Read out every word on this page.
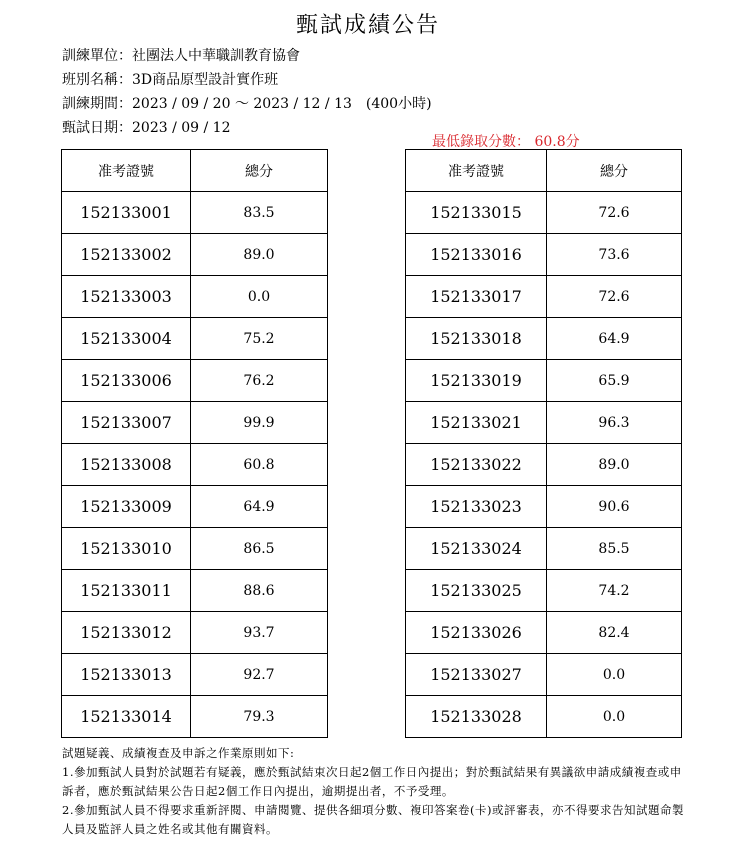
甄試成績公告
訓練單位：社團法人中華職訓教育協會
班別名稱：3D商品原型設計實作班
訓練期間：2023 / 09 / 20 ～ 2023 / 12 / 13　(400小時)
甄試日期：2023 / 09 / 12
最低錄取分數： 60.8分
准考證號	總分
152133001	83.5
152133002	89.0
152133003	0.0
152133004	75.2
152133006	76.2
152133007	99.9
152133008	60.8
152133009	64.9
152133010	86.5
152133011	88.6
152133012	93.7
152133013	92.7
152133014	79.3
准考證號	總分
152133015	72.6
152133016	73.6
152133017	72.6
152133018	64.9
152133019	65.9
152133021	96.3
152133022	89.0
152133023	90.6
152133024	85.5
152133025	74.2
152133026	82.4
152133027	0.0
152133028	0.0

試題疑義、成績複查及申訴之作業原則如下:

1.參加甄試人員對於試題若有疑義，應於甄試結束次日起2個工作日內提出；對於甄試結果有異議欲申請成績複查或申訴者，應於甄試結果公告日起2個工作日內提出，逾期提出者，不予受理。

2.參加甄試人員不得要求重新評閱、申請閱覽、提供各細項分數、複印答案卷(卡)或評審表，亦不得要求告知試題命製人員及監評人員之姓名或其他有關資料。
